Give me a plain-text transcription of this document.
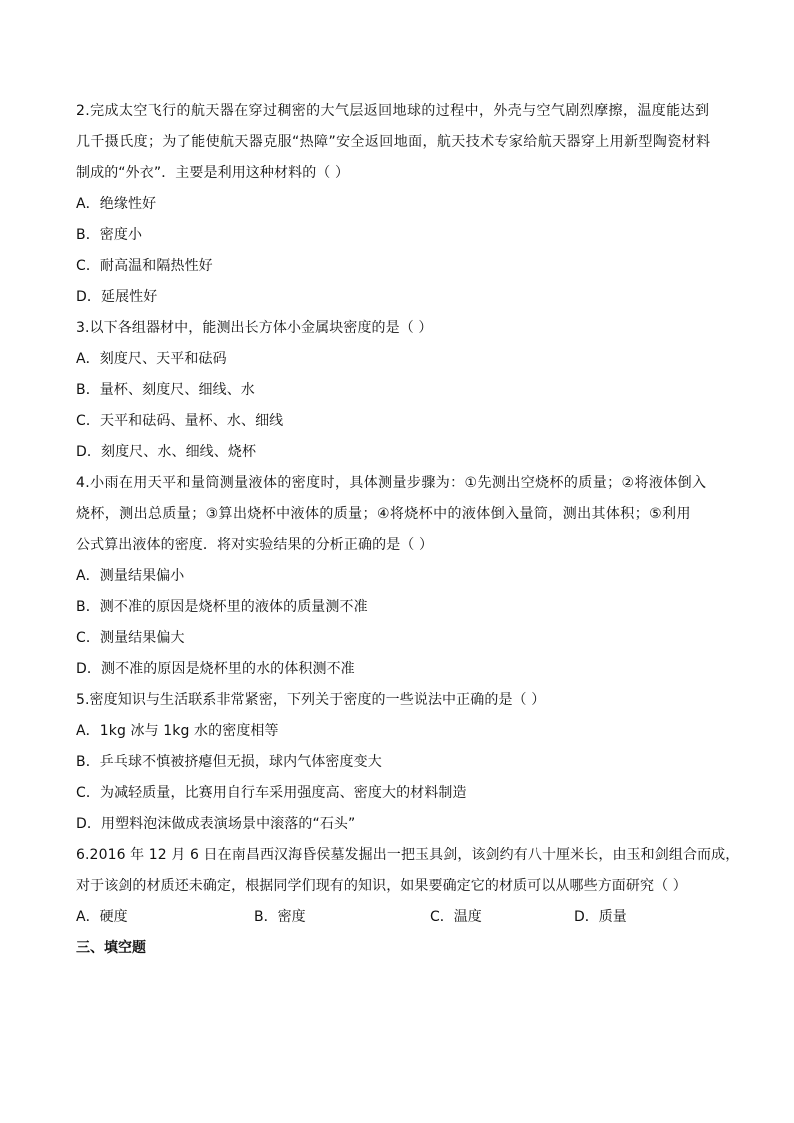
2.完成太空飞行的航天器在穿过稠密的大气层返回地球的过程中，外壳与空气剧烈摩擦，温度能达到
几千摄氏度；为了能使航天器克服“热障”安全返回地面，航天技术专家给航天器穿上用新型陶瓷材料
制成的“外衣”．主要是利用这种材料的（ ）
A．绝缘性好
B．密度小
C．耐高温和隔热性好
D．延展性好
3.以下各组器材中，能测出长方体小金属块密度的是（ ）
A．刻度尺、天平和砝码
B．量杯、刻度尺、细线、水
C．天平和砝码、量杯、水、细线
D．刻度尺、水、细线、烧杯
4.小雨在用天平和量筒测量液体的密度时，具体测量步骤为：①先测出空烧杯的质量；②将液体倒入
烧杯，测出总质量；③算出烧杯中液体的质量；④将烧杯中的液体倒入量筒，测出其体积；⑤利用
公式算出液体的密度．将对实验结果的分析正确的是（ ）
A．测量结果偏小
B．测不准的原因是烧杯里的液体的质量测不准
C．测量结果偏大
D．测不准的原因是烧杯里的水的体积测不准
5.密度知识与生活联系非常紧密，下列关于密度的一些说法中正确的是（ ）
A．1kg 冰与 1kg 水的密度相等
B．乒乓球不慎被挤瘪但无损，球内气体密度变大
C．为减轻质量，比赛用自行车采用强度高、密度大的材料制造
D．用塑料泡沫做成表演场景中滚落的“石头”
6.2016 年 12 月 6 日在南昌西汉海昏侯墓发掘出一把玉具剑，该剑约有八十厘米长，由玉和剑组合而成，
对于该剑的材质还未确定，根据同学们现有的知识，如果要确定它的材质可以从哪些方面研究（ ）
A．硬度	B．密度	C．温度	D．质量
三、填空题
